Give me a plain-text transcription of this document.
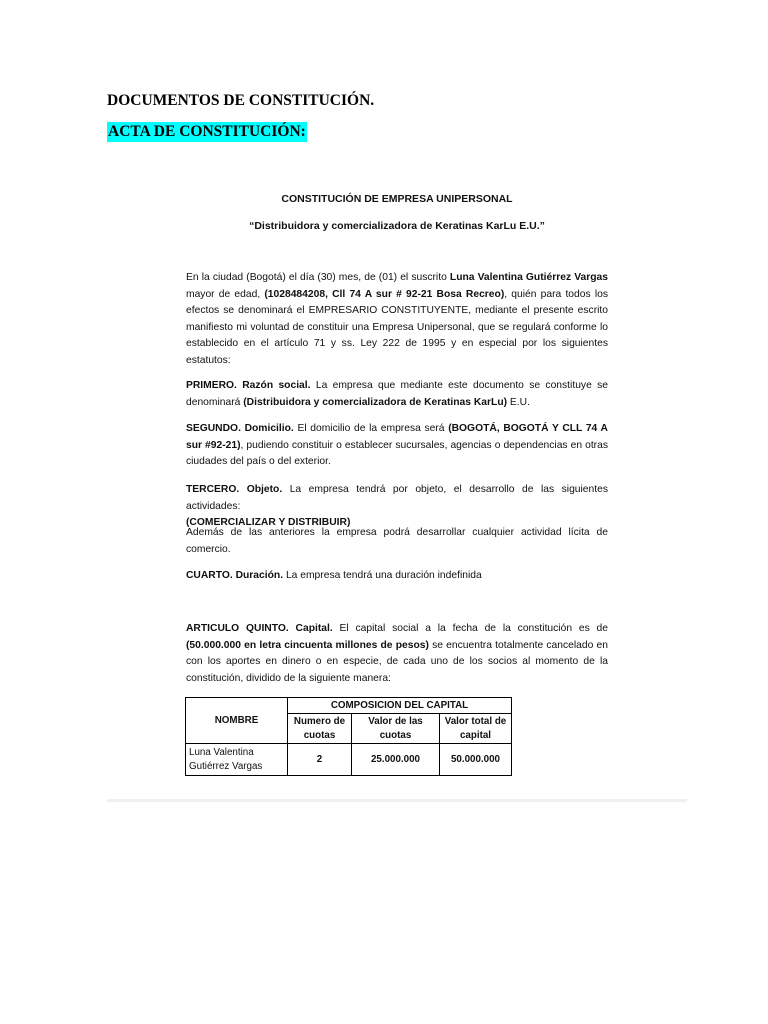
DOCUMENTOS DE CONSTITUCIÓN.
ACTA DE CONSTITUCIÓN:
CONSTITUCIÓN DE EMPRESA UNIPERSONAL
“Distribuidora y comercializadora de Keratinas KarLu E.U.”

En la ciudad (Bogotá) el día (30) mes, de (01) el suscrito Luna Valentina Gutiérrez Vargas mayor de edad, (1028484208, Cll 74 A sur # 92-21 Bosa Recreo), quién para todos los efectos se denominará el EMPRESARIO CONSTITUYENTE, mediante el presente escrito manifiesto mi voluntad de constituir una Empresa Unipersonal, que se regulará conforme lo establecido en el artículo 71 y ss. Ley 222 de 1995 y en especial por los siguientes estatutos:

PRIMERO. Razón social. La empresa que mediante este documento se constituye se denominará (Distribuidora y comercializadora de Keratinas KarLu) E.U.

SEGUNDO. Domicilio. El domicilio de la empresa será (BOGOTÁ, BOGOTÁ Y CLL 74 A sur #92-21), pudiendo constituir o establecer sucursales, agencias o dependencias en otras ciudades del país o del exterior.

TERCERO. Objeto. La empresa tendrá por objeto, el desarrollo de las siguientes actividades:
(COMERCIALIZAR Y DISTRIBUIR)

Además de las anteriores la empresa podrá desarrollar cualquier actividad lícita de comercio.

CUARTO. Duración. La empresa tendrá una duración indefinida

ARTICULO QUINTO. Capital. El capital social a la fecha de la constitución es de (50.000.000 en letra cincuenta millones de pesos) se encuentra totalmente cancelado en con los aportes en dinero o en especie, de cada uno de los socios al momento de la constitución, dividido de la siguiente manera:

NOMBRE	COMPOSICION DEL CAPITAL		
	Numero de cuotas	Valor de las cuotas	Valor total de capital
Luna Valentina
Gutiérrez Vargas	2	25.000.000	50.000.000
